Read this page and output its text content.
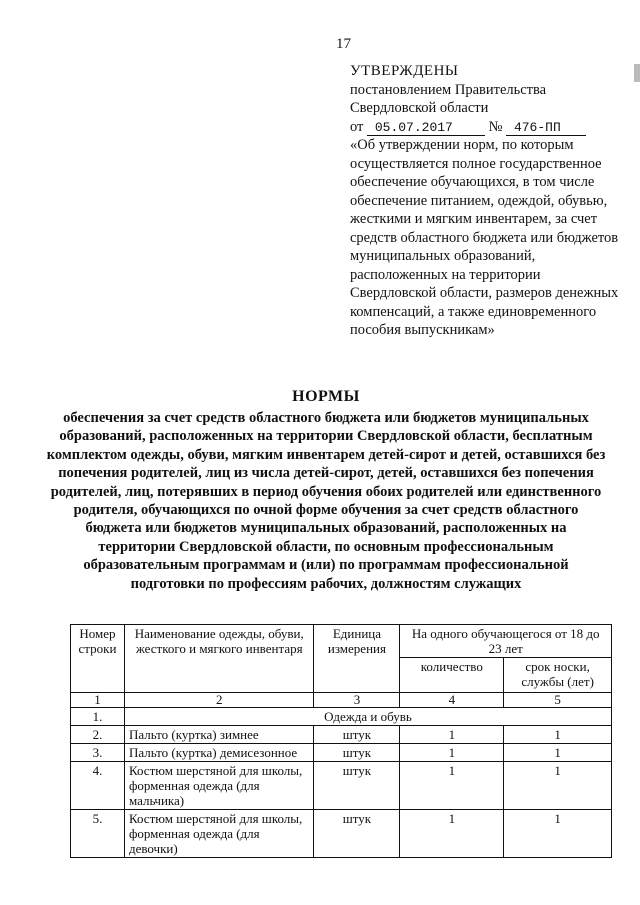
17
УТВЕРЖДЕНЫ
постановлением Правительства
Свердловской области
от 05.07.2017 № 476-ПП
«Об утверждении норм, по которым осуществляется полное государственное обеспечение обучающихся, в том числе обеспечение питанием, одеждой, обувью, жесткими и мягким инвентарем, за счет средств областного бюджета или бюджетов муниципальных образований, расположенных на территории Свердловской области, размеров денежных компенсаций, а также единовременного пособия выпускникам»
НОРМЫ
обеспечения за счет средств областного бюджета или бюджетов муниципальных образований, расположенных на территории Свердловской области, бесплатным комплектом одежды, обуви, мягким инвентарем детей-сирот и детей, оставшихся без попечения родителей, лиц из числа детей-сирот, детей, оставшихся без попечения родителей, лиц, потерявших в период обучения обоих родителей или единственного родителя, обучающихся по очной форме обучения за счет средств областного бюджета или бюджетов муниципальных образований, расположенных на территории Свердловской области, по основным профессиональным образовательным программам и (или) по программам профессиональной подготовки по профессиям рабочих, должностям служащих
Номер строки	Наименование одежды, обуви, жесткого и мягкого инвентаря	Единица измерения	На одного обучающегося от 18 до 23 лет	
			количество	срок носки, службы (лет)
1	2	3	4	5
1.	Одежда и обувь			
2.	Пальто (куртка) зимнее	штук	1	1
3.	Пальто (куртка) демисезонное	штук	1	1
4.	Костюм шерстяной для школы, форменная одежда (для мальчика)	штук	1	1
5.	Костюм шерстяной для школы, форменная одежда (для девочки)	штук	1	1
